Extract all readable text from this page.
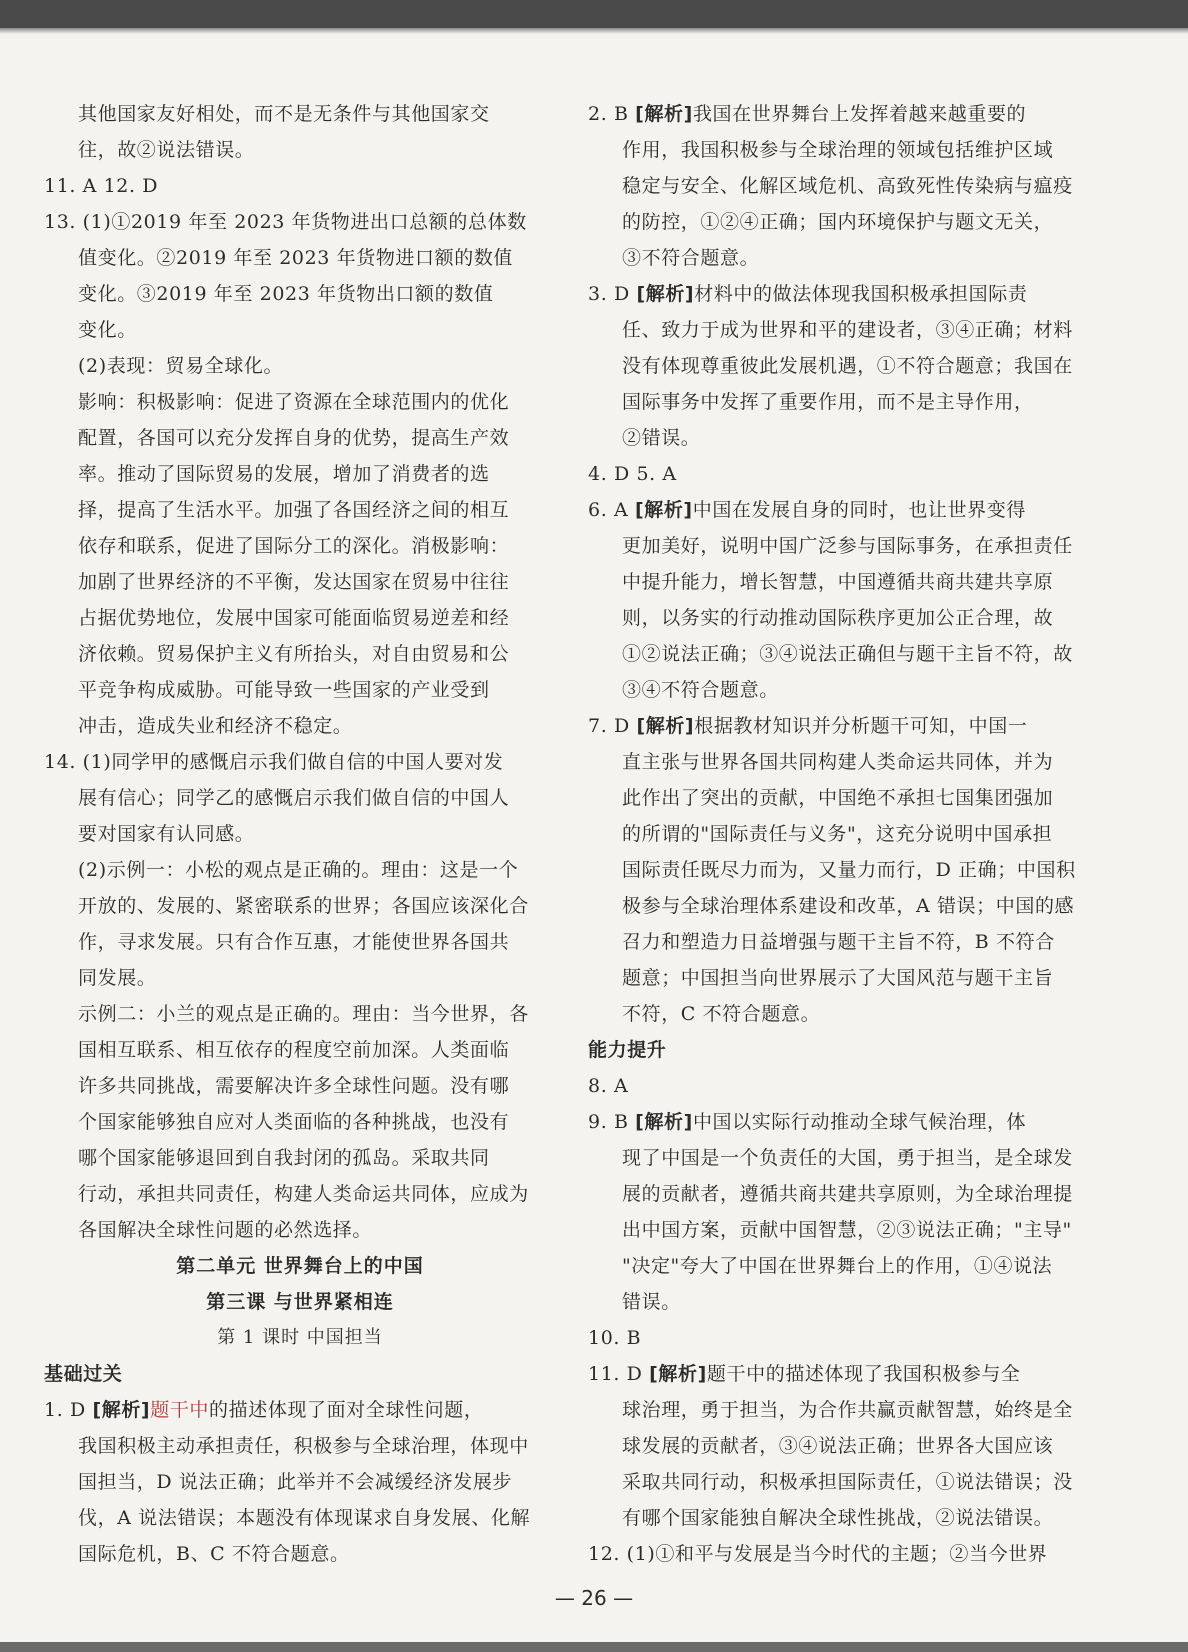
其他国家友好相处，而不是无条件与其他国家交
往，故②说法错误。
11. A 12. D
13. (1)①2019 年至 2023 年货物进出口总额的总体数
值变化。②2019 年至 2023 年货物进口额的数值
变化。③2019 年至 2023 年货物出口额的数值
变化。
(2)表现：贸易全球化。
影响：积极影响：促进了资源在全球范围内的优化
配置，各国可以充分发挥自身的优势，提高生产效
率。推动了国际贸易的发展，增加了消费者的选
择，提高了生活水平。加强了各国经济之间的相互
依存和联系，促进了国际分工的深化。消极影响：
加剧了世界经济的不平衡，发达国家在贸易中往往
占据优势地位，发展中国家可能面临贸易逆差和经
济依赖。贸易保护主义有所抬头，对自由贸易和公
平竞争构成威胁。可能导致一些国家的产业受到
冲击，造成失业和经济不稳定。
14. (1)同学甲的感慨启示我们做自信的中国人要对发
展有信心；同学乙的感慨启示我们做自信的中国人
要对国家有认同感。
(2)示例一：小松的观点是正确的。理由：这是一个
开放的、发展的、紧密联系的世界；各国应该深化合
作，寻求发展。只有合作互惠，才能使世界各国共
同发展。
示例二：小兰的观点是正确的。理由：当今世界，各
国相互联系、相互依存的程度空前加深。人类面临
许多共同挑战，需要解决许多全球性问题。没有哪
个国家能够独自应对人类面临的各种挑战，也没有
哪个国家能够退回到自我封闭的孤岛。采取共同
行动，承担共同责任，构建人类命运共同体，应成为
各国解决全球性问题的必然选择。
第二单元 世界舞台上的中国
第三课 与世界紧相连
第 1 课时 中国担当
基础过关
1. D [解析]题干中的描述体现了面对全球性问题，
我国积极主动承担责任，积极参与全球治理，体现中
国担当，D 说法正确；此举并不会减缓经济发展步
伐，A 说法错误；本题没有体现谋求自身发展、化解
国际危机，B、C 不符合题意。
2. B [解析]我国在世界舞台上发挥着越来越重要的
作用，我国积极参与全球治理的领域包括维护区域
稳定与安全、化解区域危机、高致死性传染病与瘟疫
的防控，①②④正确；国内环境保护与题文无关，
③不符合题意。
3. D [解析]材料中的做法体现我国积极承担国际责
任、致力于成为世界和平的建设者，③④正确；材料
没有体现尊重彼此发展机遇，①不符合题意；我国在
国际事务中发挥了重要作用，而不是主导作用，
②错误。
4. D 5. A
6. A [解析]中国在发展自身的同时，也让世界变得
更加美好，说明中国广泛参与国际事务，在承担责任
中提升能力，增长智慧，中国遵循共商共建共享原
则，以务实的行动推动国际秩序更加公正合理，故
①②说法正确；③④说法正确但与题干主旨不符，故
③④不符合题意。
7. D [解析]根据教材知识并分析题干可知，中国一
直主张与世界各国共同构建人类命运共同体，并为
此作出了突出的贡献，中国绝不承担七国集团强加
的所谓的"国际责任与义务"，这充分说明中国承担
国际责任既尽力而为，又量力而行，D 正确；中国积
极参与全球治理体系建设和改革，A 错误；中国的感
召力和塑造力日益增强与题干主旨不符，B 不符合
题意；中国担当向世界展示了大国风范与题干主旨
不符，C 不符合题意。
能力提升
8. A
9. B [解析]中国以实际行动推动全球气候治理，体
现了中国是一个负责任的大国，勇于担当，是全球发
展的贡献者，遵循共商共建共享原则，为全球治理提
出中国方案，贡献中国智慧，②③说法正确；"主导"
"决定"夸大了中国在世界舞台上的作用，①④说法
错误。
10. B
11. D [解析]题干中的描述体现了我国积极参与全
球治理，勇于担当，为合作共赢贡献智慧，始终是全
球发展的贡献者，③④说法正确；世界各大国应该
采取共同行动，积极承担国际责任，①说法错误；没
有哪个国家能独自解决全球性挑战，②说法错误。
12. (1)①和平与发展是当今时代的主题；②当今世界
— 26 —
